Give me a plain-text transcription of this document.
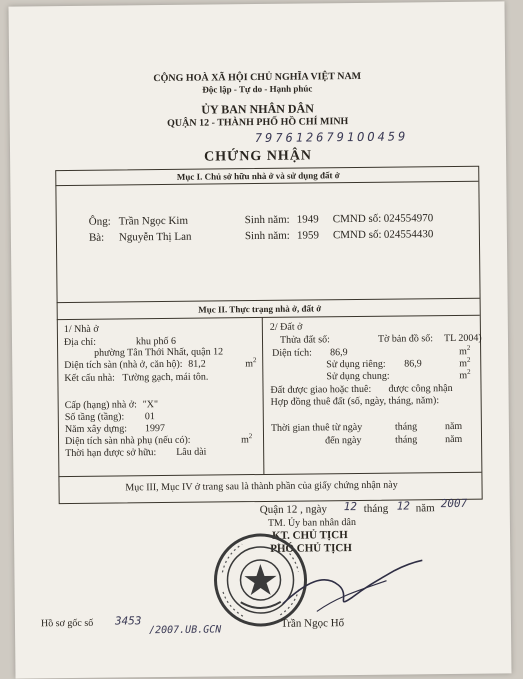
CỘNG HOÀ XÃ HỘI CHỦ NGHĨA VIỆT NAM
Độc lập - Tự do - Hạnh phúc
ỦY BAN NHÂN DÂN
QUẬN 12 - THÀNH PHỐ HỒ CHÍ MINH
7976126791OO459
CHỨNG NHẬN
Mục I. Chủ sở hữu nhà ở và sử dụng đất ở
Ông: Trần Ngọc Kim	Sinh năm: 1949 CMND số: 024554970
Bà: Nguyễn Thị Lan	Sinh năm: 1959 CMND số: 024554430
Mục II. Thực trạng nhà ở, đất ở
1/ Nhà ở
Địa chỉ:	khu phố 6
phường Tân Thới Nhất, quận 12
Diện tích sàn (nhà ở, căn hộ): 81,2	$m^2$
Kết cấu nhà: Tường gạch, mái tôn.
Cấp (hạng) nhà ở: "X"
Số tầng (tầng): 01
Năm xây dựng: 1997
Diện tích sàn nhà phụ (nếu có):	$m^2$
Thời hạn được sở hữu: Lâu dài
2/ Đất ở
Thửa đất số:	Tờ bản đồ số: TL 2004)
Diện tích: 86,9	$m^2$
Sử dụng riêng: 86,9	$m^2$
Sử dụng chung:	$m^2$
Đất được giao hoặc thuê: được công nhận
Hợp đồng thuê đất (số, ngày, tháng, năm):
Thời gian thuê từ ngày	tháng	năm
đến ngày	tháng	năm
Mục III, Mục IV ở trang sau là thành phần của giấy chứng nhận này
Quận 12 , ngày 12 tháng 12 năm 2007
TM. Ủy ban nhân dân
KT. CHỦ TỊCH
PHÓ CHỦ TỊCH
Trần Ngọc Hổ
Hồ sơ gốc số 3453
/2007.UB.GCN
